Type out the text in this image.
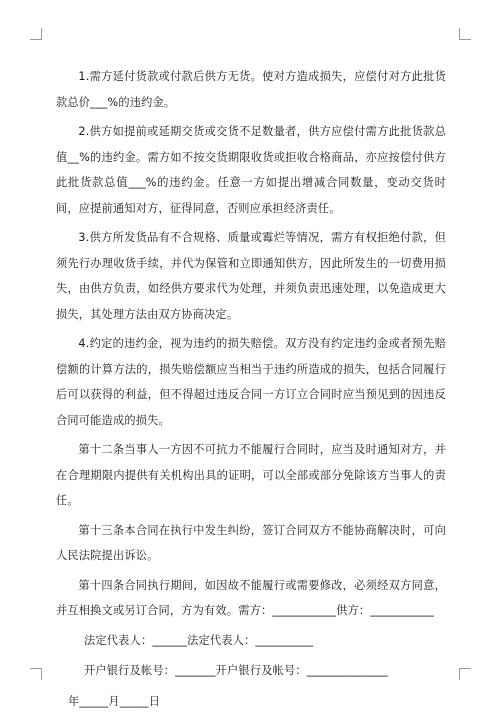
1.需方延付货款或付款后供方无货。使对方造成损失，应偿付对方此批货款总价___%的违约金。

2.供方如提前或延期交货或交货不足数量者，供方应偿付需方此批货款总值__%的违约金。需方如不按交货期限收货或拒收合格商品，亦应按偿付供方此批货款总值___%的违约金。任意一方如提出增减合同数量，变动交货时间，应提前通知对方，征得同意，否则应承担经济责任。

3.供方所发货品有不合规格、质量或霉烂等情况，需方有权拒绝付款，但须先行办理收货手续，并代为保管和立即通知供方，因此所发生的一切费用损失，由供方负责，如经供方要求代为处理，并须负责迅速处理，以免造成更大损失，其处理方法由双方协商决定。

4.约定的违约金，视为违约的损失赔偿。双方没有约定违约金或者预先赔偿额的计算方法的，损失赔偿额应当相当于违约所造成的损失，包括合同履行后可以获得的利益，但不得超过违反合同一方订立合同时应当预见到的因违反合同可能造成的损失。

第十二条当事人一方因不可抗力不能履行合同时，应当及时通知对方，并在合理期限内提供有关机构出具的证明，可以全部或部分免除该方当事人的责任。

第十三条本合同在执行中发生纠纷，签订合同双方不能协商解决时，可向人民法院提出诉讼。

第十四条合同执行期间，如因故不能履行或需要修改，必须经双方同意，并互相换文或另订合同，方为有效。需方：___________供方：___________

法定代表人：______法定代表人：__________

开户银行及帐号：_______开户银行及帐号：______________

年_____月_____日
